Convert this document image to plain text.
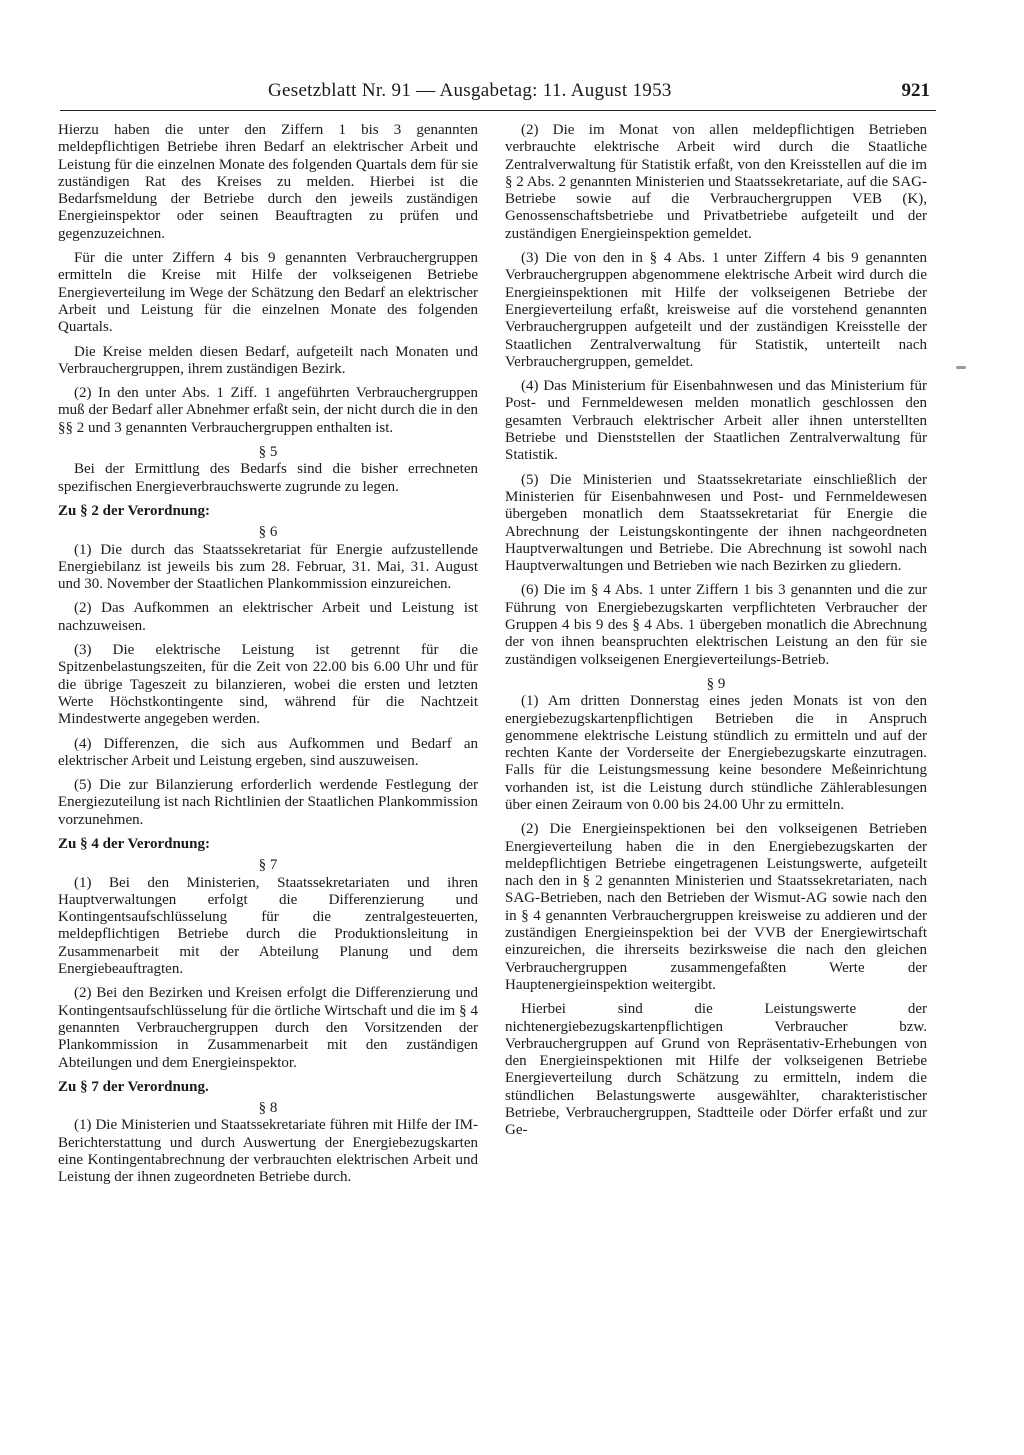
Gesetzblatt Nr. 91 — Ausgabetag: 11. August 1953	921

Hierzu haben die unter den Ziffern 1 bis 3 genannten meldepflichtigen Betriebe ihren Bedarf an elektrischer Arbeit und Leistung für die einzelnen Monate des folgenden Quartals dem für sie zuständigen Rat des Kreises zu melden. Hierbei ist die Bedarfsmeldung der Betriebe durch den jeweils zuständigen Energieinspektor oder seinen Beauftragten zu prüfen und gegenzuzeichnen.

Für die unter Ziffern 4 bis 9 genannten Verbrauchergruppen ermitteln die Kreise mit Hilfe der volkseigenen Betriebe Energieverteilung im Wege der Schätzung den Bedarf an elektrischer Arbeit und Leistung für die einzelnen Monate des folgenden Quartals.

Die Kreise melden diesen Bedarf, aufgeteilt nach Monaten und Verbrauchergruppen, ihrem zuständigen Bezirk.

(2) In den unter Abs. 1 Ziff. 1 angeführten Verbrauchergruppen muß der Bedarf aller Abnehmer erfaßt sein, der nicht durch die in den §§ 2 und 3 genannten Verbrauchergruppen enthalten ist.

§ 5

Bei der Ermittlung des Bedarfs sind die bisher errechneten spezifischen Energieverbrauchswerte zugrunde zu legen.

Zu § 2 der Verordnung:
§ 6

(1) Die durch das Staatssekretariat für Energie aufzustellende Energiebilanz ist jeweils bis zum 28. Februar, 31. Mai, 31. August und 30. November der Staatlichen Plankommission einzureichen.

(2) Das Aufkommen an elektrischer Arbeit und Leistung ist nachzuweisen.

(3) Die elektrische Leistung ist getrennt für die Spitzenbelastungszeiten, für die Zeit von 22.00 bis 6.00 Uhr und für die übrige Tageszeit zu bilanzieren, wobei die ersten und letzten Werte Höchstkontingente sind, während für die Nachtzeit Mindestwerte angegeben werden.

(4) Differenzen, die sich aus Aufkommen und Bedarf an elektrischer Arbeit und Leistung ergeben, sind auszuweisen.

(5) Die zur Bilanzierung erforderlich werdende Festlegung der Energiezuteilung ist nach Richtlinien der Staatlichen Plankommission vorzunehmen.

Zu § 4 der Verordnung:
§ 7

(1) Bei den Ministerien, Staatssekretariaten und ihren Hauptverwaltungen erfolgt die Differenzierung und Kontingentsaufschlüsselung für die zentralgesteuerten, meldepflichtigen Betriebe durch die Produktionsleitung in Zusammenarbeit mit der Abteilung Planung und dem Energiebeauftragten.

(2) Bei den Bezirken und Kreisen erfolgt die Differenzierung und Kontingentsaufschlüsselung für die örtliche Wirtschaft und die im § 4 genannten Verbrauchergruppen durch den Vorsitzenden der Plankommission in Zusammenarbeit mit den zuständigen Abteilungen und dem Energieinspektor.

Zu § 7 der Verordnung.
§ 8

(1) Die Ministerien und Staatssekretariate führen mit Hilfe der IM-Berichterstattung und durch Auswertung der Energiebezugskarten eine Kontingentabrechnung der verbrauchten elektrischen Arbeit und Leistung der ihnen zugeordneten Betriebe durch.

(2) Die im Monat von allen meldepflichtigen Betrieben verbrauchte elektrische Arbeit wird durch die Staatliche Zentralverwaltung für Statistik erfaßt, von den Kreisstellen auf die im § 2 Abs. 2 genannten Ministerien und Staatssekretariate, auf die SAG-Betriebe sowie auf die Verbrauchergruppen VEB (K), Genossenschaftsbetriebe und Privatbetriebe aufgeteilt und der zuständigen Energieinspektion gemeldet.

(3) Die von den in § 4 Abs. 1 unter Ziffern 4 bis 9 genannten Verbrauchergruppen abgenommene elektrische Arbeit wird durch die Energieinspektionen mit Hilfe der volkseigenen Betriebe der Energieverteilung erfaßt, kreisweise auf die vorstehend genannten Verbrauchergruppen aufgeteilt und der zuständigen Kreisstelle der Staatlichen Zentralverwaltung für Statistik, unterteilt nach Verbrauchergruppen, gemeldet.

(4) Das Ministerium für Eisenbahnwesen und das Ministerium für Post- und Fernmeldewesen melden monatlich geschlossen den gesamten Verbrauch elektrischer Arbeit aller ihnen unterstellten Betriebe und Dienststellen der Staatlichen Zentralverwaltung für Statistik.

(5) Die Ministerien und Staatssekretariate einschließlich der Ministerien für Eisenbahnwesen und Post- und Fernmeldewesen übergeben monatlich dem Staatssekretariat für Energie die Abrechnung der Leistungskontingente der ihnen nachgeordneten Hauptverwaltungen und Betriebe. Die Abrechnung ist sowohl nach Hauptverwaltungen und Betrieben wie nach Bezirken zu gliedern.

(6) Die im § 4 Abs. 1 unter Ziffern 1 bis 3 genannten und die zur Führung von Energiebezugskarten verpflichteten Verbraucher der Gruppen 4 bis 9 des § 4 Abs. 1 übergeben monatlich die Abrechnung der von ihnen beanspruchten elektrischen Leistung an den für sie zuständigen volkseigenen Energieverteilungs-Betrieb.

§ 9

(1) Am dritten Donnerstag eines jeden Monats ist von den energiebezugskartenpflichtigen Betrieben die in Anspruch genommene elektrische Leistung stündlich zu ermitteln und auf der rechten Kante der Vorderseite der Energiebezugskarte einzutragen. Falls für die Leistungsmessung keine besondere Meßeinrichtung vorhanden ist, ist die Leistung durch stündliche Zählerablesungen über einen Zeiraum von 0.00 bis 24.00 Uhr zu ermitteln.

(2) Die Energieinspektionen bei den volkseigenen Betrieben Energieverteilung haben die in den Energiebezugskarten der meldepflichtigen Betriebe eingetragenen Leistungswerte, aufgeteilt nach den in § 2 genannten Ministerien und Staatssekretariaten, nach SAG-Betrieben, nach den Betrieben der Wismut-AG sowie nach den in § 4 genannten Verbrauchergruppen kreisweise zu addieren und der zuständigen Energieinspektion bei der VVB der Energiewirtschaft einzureichen, die ihrerseits bezirksweise die nach den gleichen Verbrauchergruppen zusammengefaßten Werte der Hauptenergieinspektion weitergibt.

Hierbei sind die Leistungswerte der nichtenergiebezugskartenpflichtigen Verbraucher bzw. Verbrauchergruppen auf Grund von Repräsentativ-Erhebungen von den Energieinspektionen mit Hilfe der volkseigenen Betriebe Energieverteilung durch Schätzung zu ermitteln, indem die stündlichen Belastungswerte ausgewählter, charakteristischer Betriebe, Verbrauchergruppen, Stadtteile oder Dörfer erfaßt und zur Ge-
